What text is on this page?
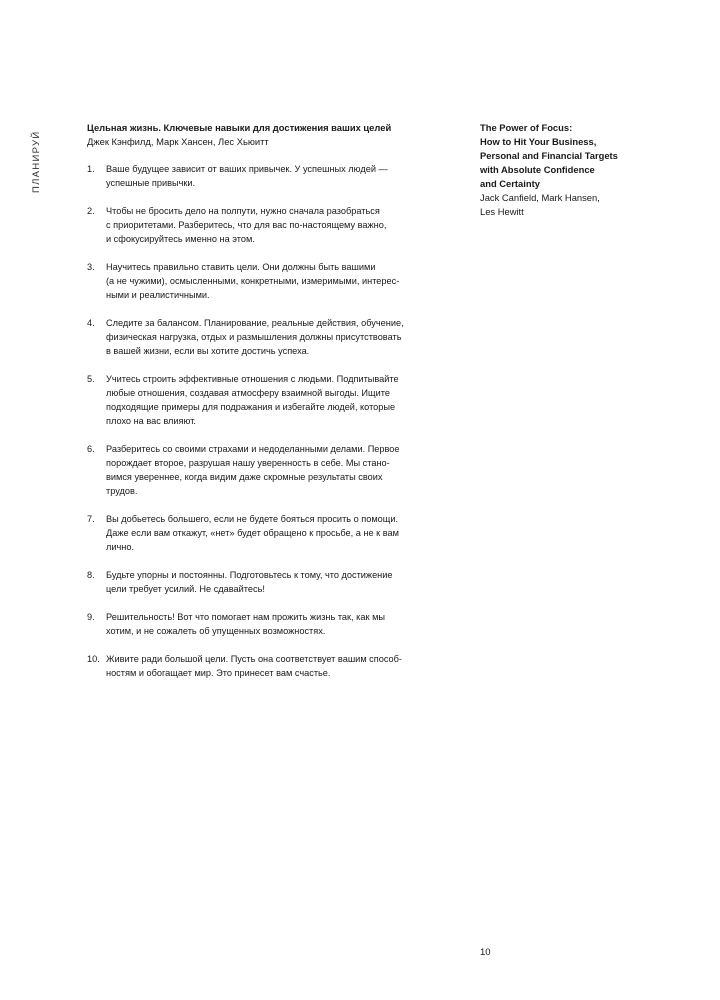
ПЛАНИРУЙ
Цельная жизнь. Ключевые навыки для достижения ваших целей
Джек Кэнфилд, Марк Хансен, Лес Хьюитт
1.	Ваше будущее зависит от ваших привычек. У успешных людей —
успешные привычки.
2.	Чтобы не бросить дело на полпути, нужно сначала разобраться
с приоритетами. Разберитесь, что для вас по-настоящему важно,
и сфокусируйтесь именно на этом.
3.	Научитесь правильно ставить цели. Они должны быть вашими
(а не чужими), осмысленными, конкретными, измеримыми, интерес-
ными и реалистичными.
4.	Следите за балансом. Планирование, реальные действия, обучение,
физическая нагрузка, отдых и размышления должны присутствовать
в вашей жизни, если вы хотите достичь успеха.
5.	Учитесь строить эффективные отношения с людьми. Подпитывайте
любые отношения, создавая атмосферу взаимной выгоды. Ищите
подходящие примеры для подражания и избегайте людей, которые
плохо на вас влияют.
6.	Разберитесь со своими страхами и недоделанными делами. Первое
порождает второе, разрушая нашу уверенность в себе. Мы стано-
вимся увереннее, когда видим даже скромные результаты своих
трудов.
7.	Вы добьетесь большего, если не будете бояться просить о помощи.
Даже если вам откажут, «нет» будет обращено к просьбе, а не к вам
лично.
8.	Будьте упорны и постоянны. Подготовьтесь к тому, что достижение
цели требует усилий. Не сдавайтесь!
9.	Решительность! Вот что помогает нам прожить жизнь так, как мы
хотим, и не сожалеть об упущенных возможностях.
10. Живите ради большой цели. Пусть она соответствует вашим способ-
ностям и обогащает мир. Это принесет вам счастье.
The Power of Focus:
How to Hit Your Business,
Personal and Financial Targets
with Absolute Confidence
and Certainty
Jack Canfield, Mark Hansen,
Les Hewitt
10
